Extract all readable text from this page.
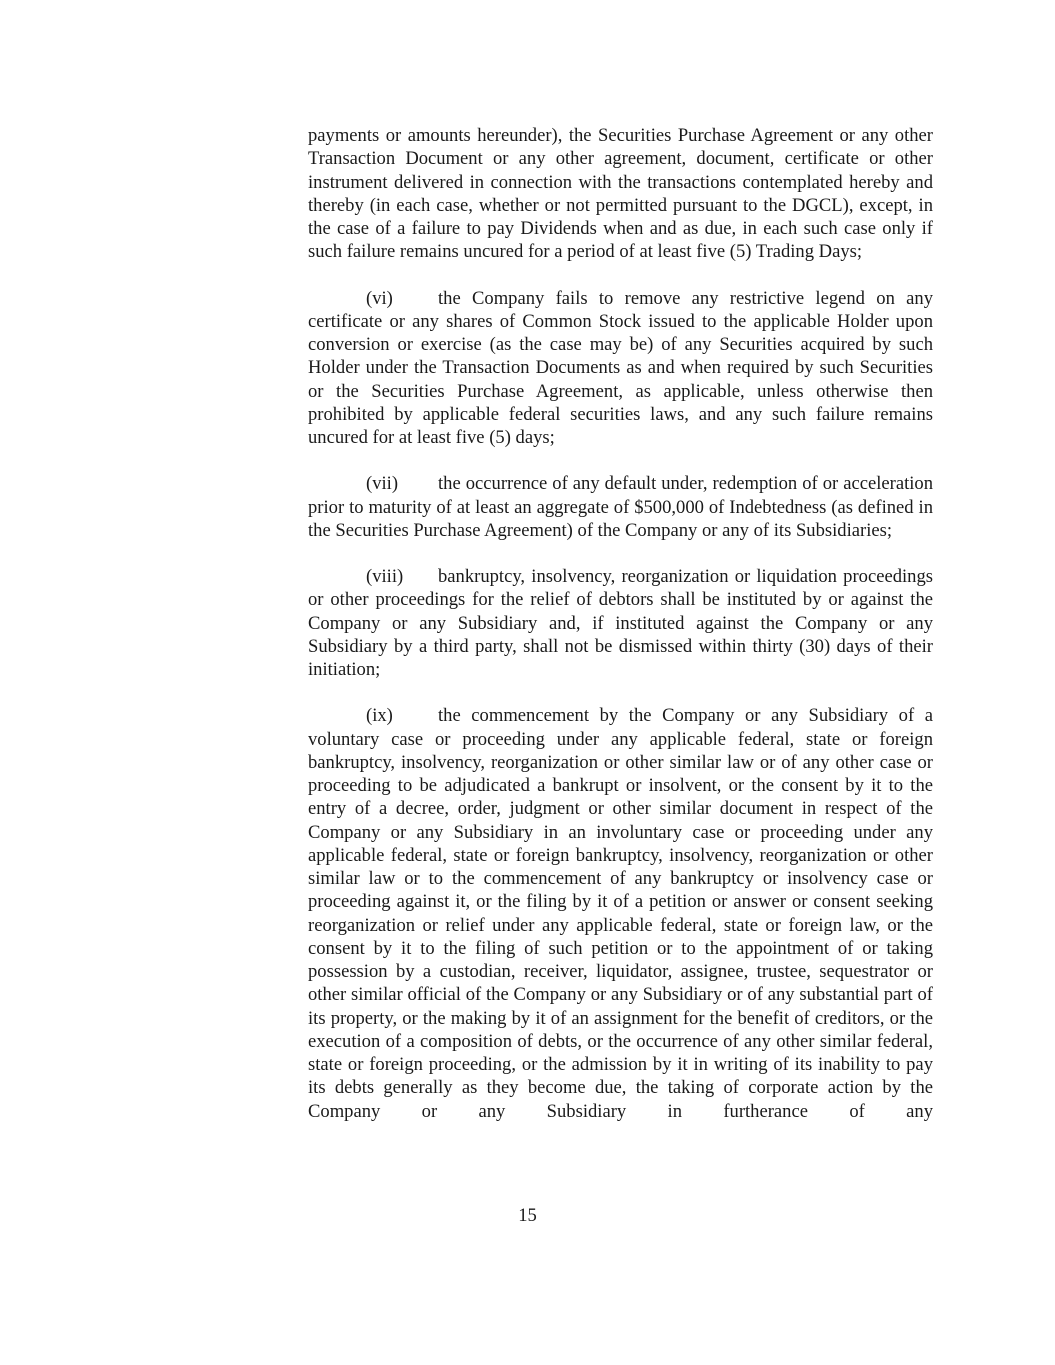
payments or amounts hereunder), the Securities Purchase Agreement or any other Transaction Document or any other agreement, document, certificate or other instrument delivered in connection with the transactions contemplated hereby and thereby (in each case, whether or not permitted pursuant to the DGCL), except, in the case of a failure to pay Dividends when and as due, in each such case only if such failure remains uncured for a period of at least five (5) Trading Days;

(vi) the Company fails to remove any restrictive legend on any certificate or any shares of Common Stock issued to the applicable Holder upon conversion or exercise (as the case may be) of any Securities acquired by such Holder under the Transaction Documents as and when required by such Securities or the Securities Purchase Agreement, as applicable, unless otherwise then prohibited by applicable federal securities laws, and any such failure remains uncured for at least five (5) days;

(vii) the occurrence of any default under, redemption of or acceleration prior to maturity of at least an aggregate of $500,000 of Indebtedness (as defined in the Securities Purchase Agreement) of the Company or any of its Subsidiaries;

(viii) bankruptcy, insolvency, reorganization or liquidation proceedings or other proceedings for the relief of debtors shall be instituted by or against the Company or any Subsidiary and, if instituted against the Company or any Subsidiary by a third party, shall not be dismissed within thirty (30) days of their initiation;

(ix) the commencement by the Company or any Subsidiary of a voluntary case or proceeding under any applicable federal, state or foreign bankruptcy, insolvency, reorganization or other similar law or of any other case or proceeding to be adjudicated a bankrupt or insolvent, or the consent by it to the entry of a decree, order, judgment or other similar document in respect of the Company or any Subsidiary in an involuntary case or proceeding under any applicable federal, state or foreign bankruptcy, insolvency, reorganization or other similar law or to the commencement of any bankruptcy or insolvency case or proceeding against it, or the filing by it of a petition or answer or consent seeking reorganization or relief under any applicable federal, state or foreign law, or the consent by it to the filing of such petition or to the appointment of or taking possession by a custodian, receiver, liquidator, assignee, trustee, sequestrator or other similar official of the Company or any Subsidiary or of any substantial part of its property, or the making by it of an assignment for the benefit of creditors, or the execution of a composition of debts, or the occurrence of any other similar federal, state or foreign proceeding, or the admission by it in writing of its inability to pay its debts generally as they become due, the taking of corporate action by the Company or any Subsidiary in furtherance of any

15
